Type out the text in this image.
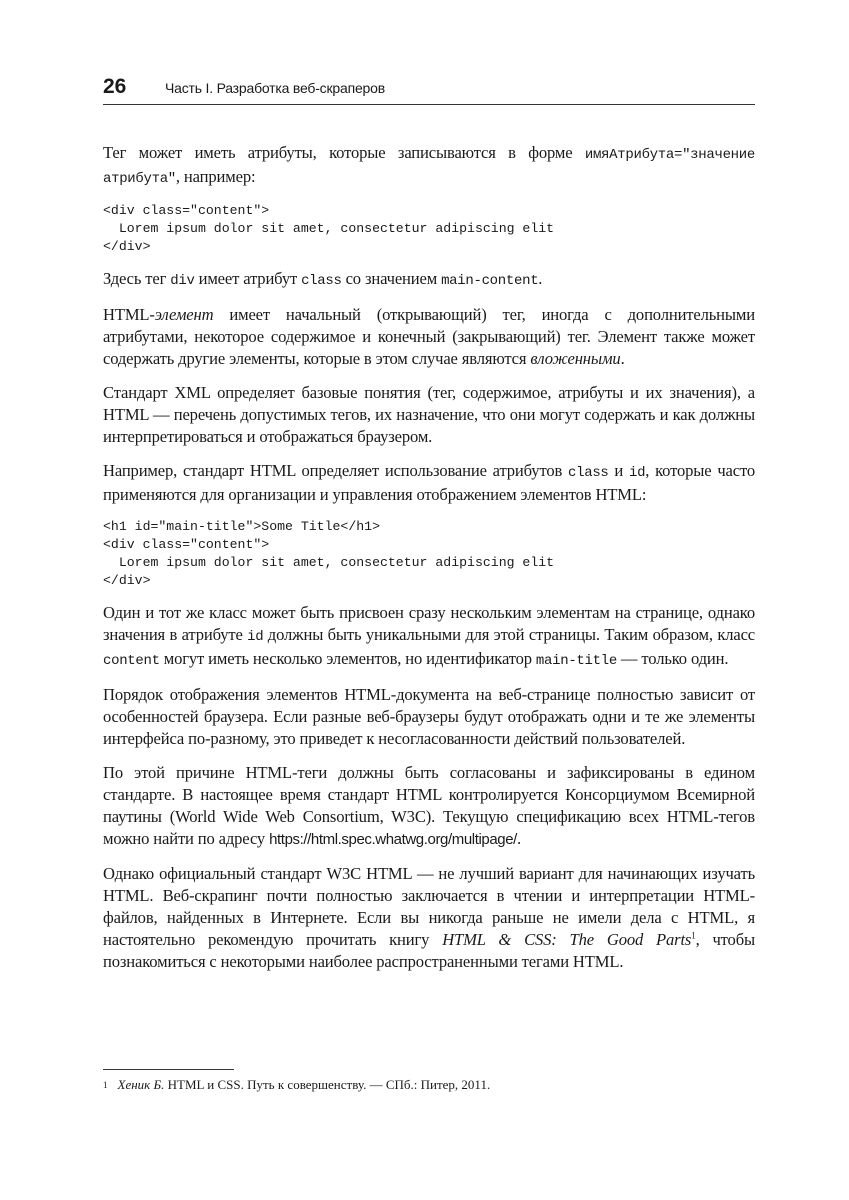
26	Часть I. Разработка веб-скраперов

Тег может иметь атрибуты, которые записываются в форме имяАтрибута="значение атрибута", например:

<div class="content">
Lorem ipsum dolor sit amet, consectetur adipiscing elit
</div>

Здесь тег div имеет атрибут class со значением main-content.

HTML-элемент имеет начальный (открывающий) тег, иногда с дополнительными атрибутами, некоторое содержимое и конечный (закрывающий) тег. Элемент также может содержать другие элементы, которые в этом случае являются вложенными.

Стандарт XML определяет базовые понятия (тег, содержимое, атрибуты и их значения), а HTML — перечень допустимых тегов, их назначение, что они могут содержать и как должны интерпретироваться и отображаться браузером.

Например, стандарт HTML определяет использование атрибутов class и id, которые часто применяются для организации и управления отображением элементов HTML:

<h1 id="main-title">Some Title</h1>
<div class="content">
Lorem ipsum dolor sit amet, consectetur adipiscing elit
</div>

Один и тот же класс может быть присвоен сразу нескольким элементам на странице, однако значения в атрибуте id должны быть уникальными для этой страницы. Таким образом, класс content могут иметь несколько элементов, но идентификатор main-title — только один.

Порядок отображения элементов HTML-документа на веб-странице полностью зависит от особенностей браузера. Если разные веб-браузеры будут отображать одни и те же элементы интерфейса по-разному, это приведет к несогласованности действий пользователей.

По этой причине HTML-теги должны быть согласованы и зафиксированы в едином стандарте. В настоящее время стандарт HTML контролируется Консорциумом Всемирной паутины (World Wide Web Consortium, W3C). Текущую спецификацию всех HTML-тегов можно найти по адресу https://html.spec.whatwg.org/multipage/.

Однако официальный стандарт W3C HTML — не лучший вариант для начинающих изучать HTML. Веб-скрапинг почти полностью заключается в чтении и интерпретации HTML-файлов, найденных в Интернете. Если вы никогда раньше не имели дела с HTML, я настоятельно рекомендую прочитать книгу HTML & CSS: The Good Parts$^1$, чтобы познакомиться с некоторыми наиболее распространенными тегами HTML.

$^1$ Хеник Б. HTML и CSS. Путь к совершенству. — СПб.: Питер, 2011.
